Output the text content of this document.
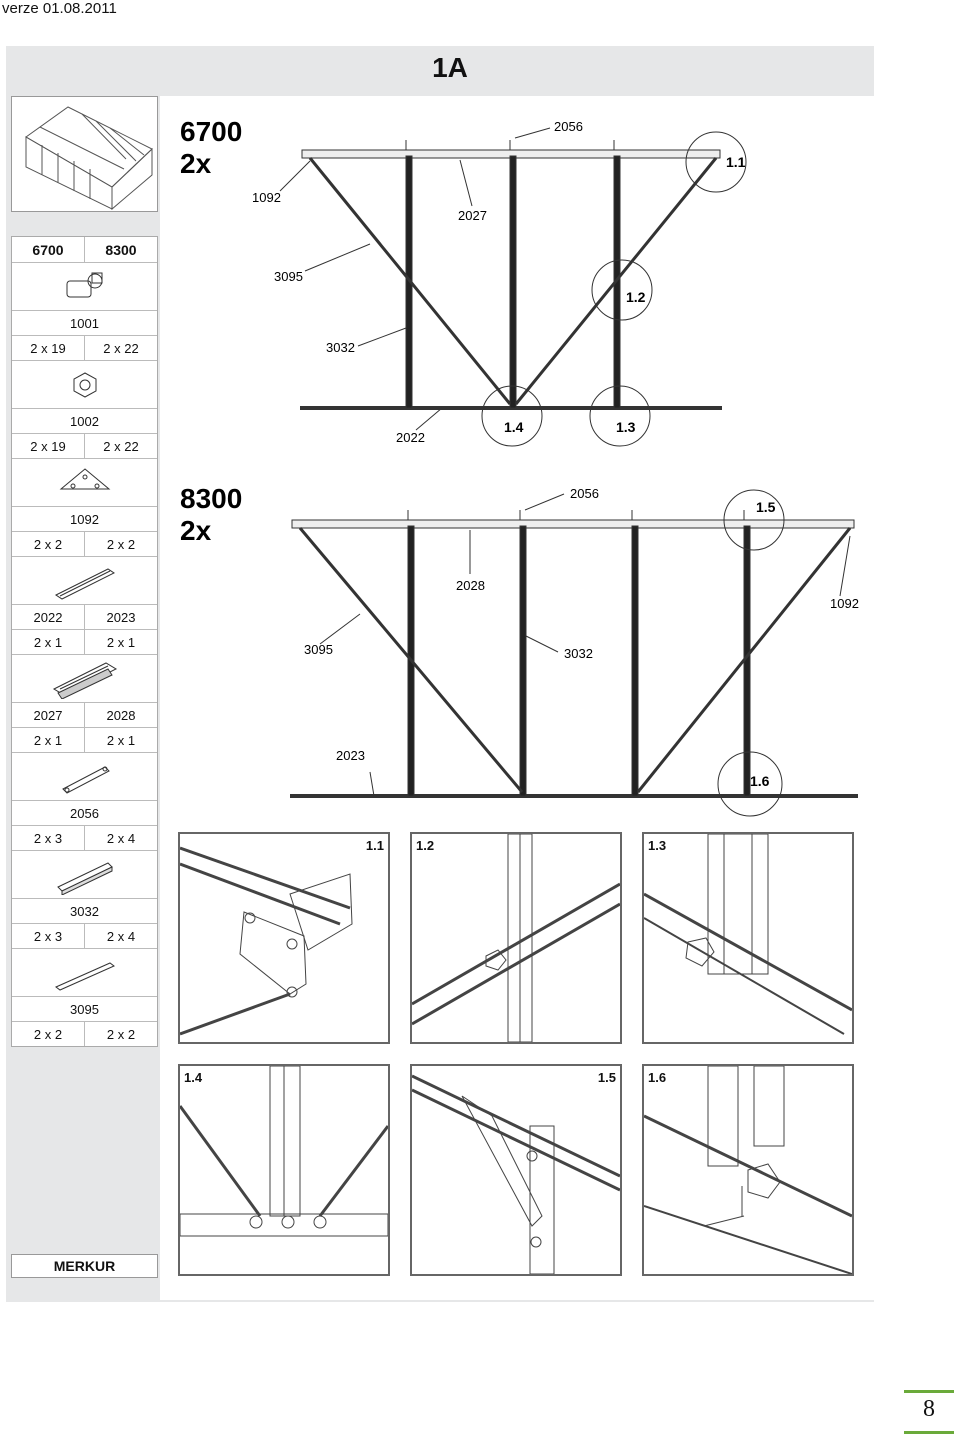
verze 01.08.2011
1A
6700	8300
1001
2 x 19	2 x 22
1002
2 x 19	2 x 22
1092
2 x 2	2 x 2
2022	2023
2 x 1	2 x 1
2027	2028
2 x 1	2 x 1
2056
2 x 3	2 x 4
3032
2 x 3	2 x 4
3095
2 x 2	2 x 2
MERKUR
6700
2x
2056
1092
2027
3095
3032
2022
1.1
1.2
1.3
1.4
8300
2x
2056
2028
1092
3095	3032
2023
1.5
1.6
1.1 1.2	1.3
1.4	1.5 1.6
8
